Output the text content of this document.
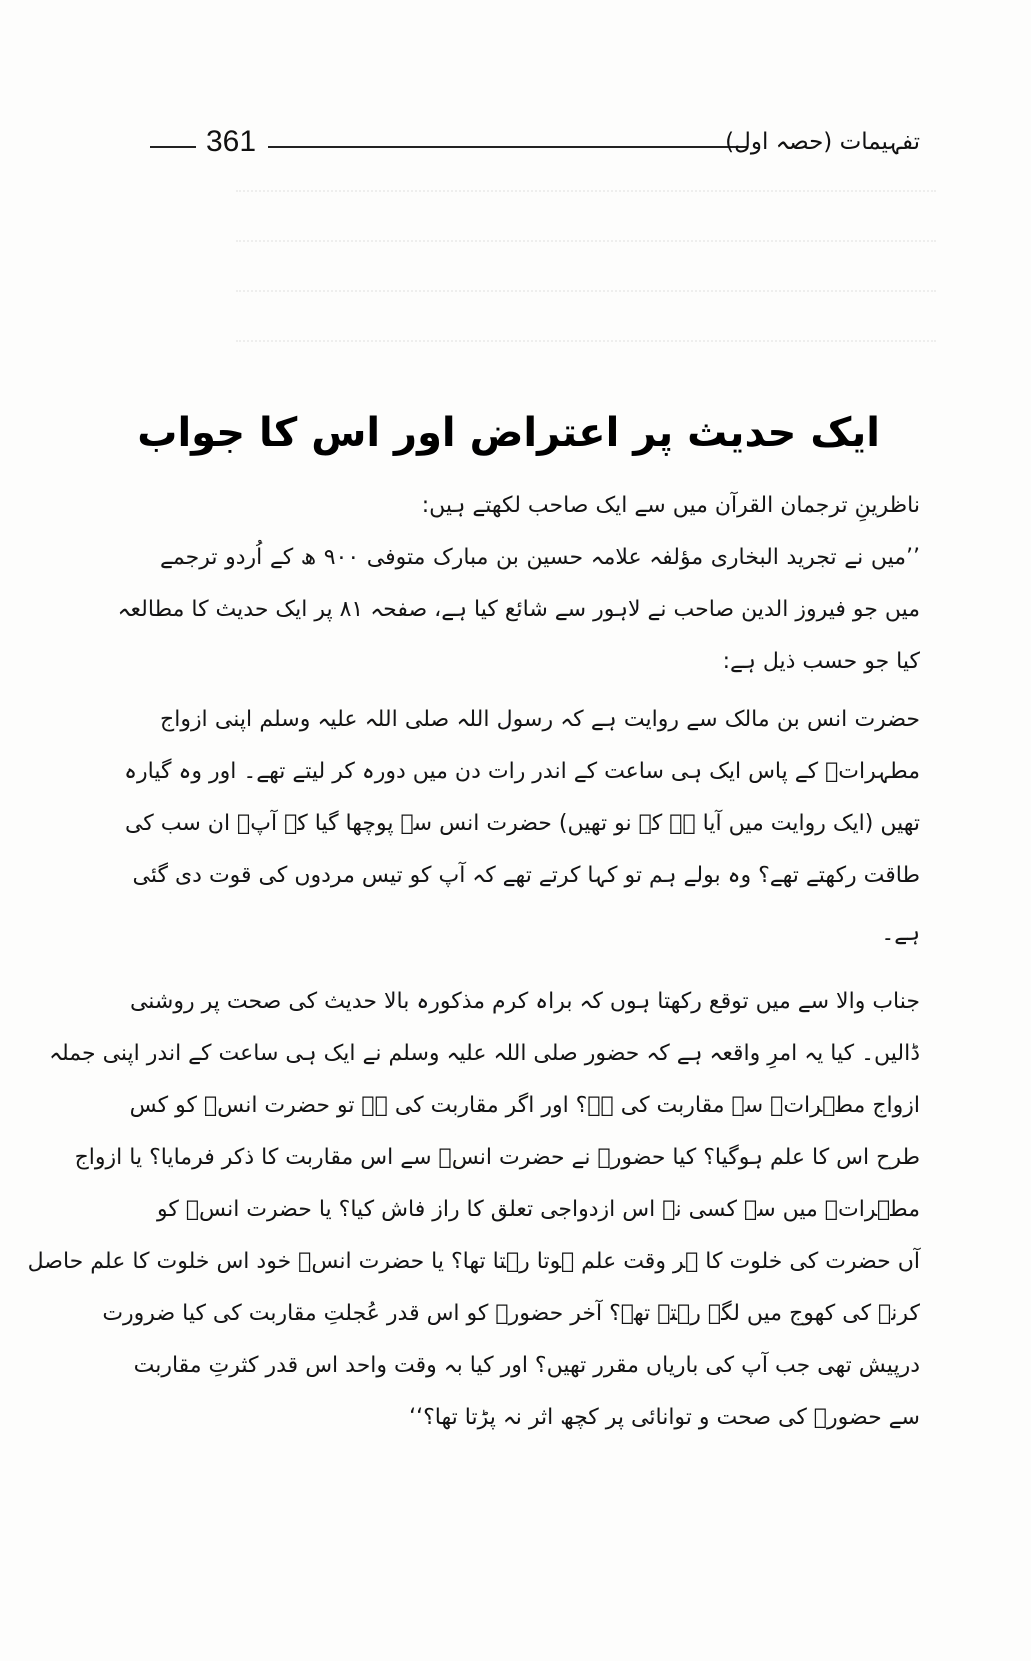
361	تفہیمات (حصہ اول)
ایک حدیث پر اعتراض اور اس کا جواب
ناظرینِ ترجمان القرآن میں سے ایک صاحب لکھتے ہیں:
’’میں نے تجرید البخاری مؤلفہ علامہ حسین بن مبارک متوفی ۹۰۰ ھ کے اُردو ترجمے
میں جو فیروز الدین صاحب نے لاہور سے شائع کیا ہے، صفحہ ۸۱ پر ایک حدیث کا مطالعہ
کیا جو حسب ذیل ہے:
حضرت انس بن مالک سے روایت ہے کہ رسول اللہ صلی اللہ علیہ وسلم اپنی ازواج
مطہراتؓ کے پاس ایک ہی ساعت کے اندر رات دن میں دورہ کر لیتے تھے۔ اور وہ گیارہ
تھیں (ایک روایت میں آیا ہے کہ نو تھیں) حضرت انس سے پوچھا گیا کہ آپؐ ان سب کی
طاقت رکھتے تھے؟ وہ بولے ہم تو کہا کرتے تھے کہ آپ کو تیس مردوں کی قوت دی گئی
ہے۔
جناب والا سے میں توقع رکھتا ہوں کہ براہ کرم مذکورہ بالا حدیث کی صحت پر روشنی
ڈالیں۔ کیا یہ امرِ واقعہ ہے کہ حضور صلی اللہ علیہ وسلم نے ایک ہی ساعت کے اندر اپنی جملہ
ازواج مطہراتؓ سے مقاربت کی ہے؟ اور اگر مقاربت کی ہے تو حضرت انسؓ کو کس
طرح اس کا علم ہوگیا؟ کیا حضورؐ نے حضرت انسؓ سے اس مقاربت کا ذکر فرمایا؟ یا ازواج
مطہراتؓ میں سے کسی نے اس ازدواجی تعلق کا راز فاش کیا؟ یا حضرت انسؓ کو
آں حضرت کی خلوت کا ہر وقت علم ہوتا رہتا تھا؟ یا حضرت انسؓ خود اس خلوت کا علم حاصل
کرنے کی کھوج میں لگے رہتے تھے؟ آخر حضورؐ کو اس قدر عُجلتِ مقاربت کی کیا ضرورت
درپیش تھی جب آپ کی باریاں مقرر تھیں؟ اور کیا بہ وقت واحد اس قدر کثرتِ مقاربت
سے حضورؐ کی صحت و توانائی پر کچھ اثر نہ پڑتا تھا؟‘‘
